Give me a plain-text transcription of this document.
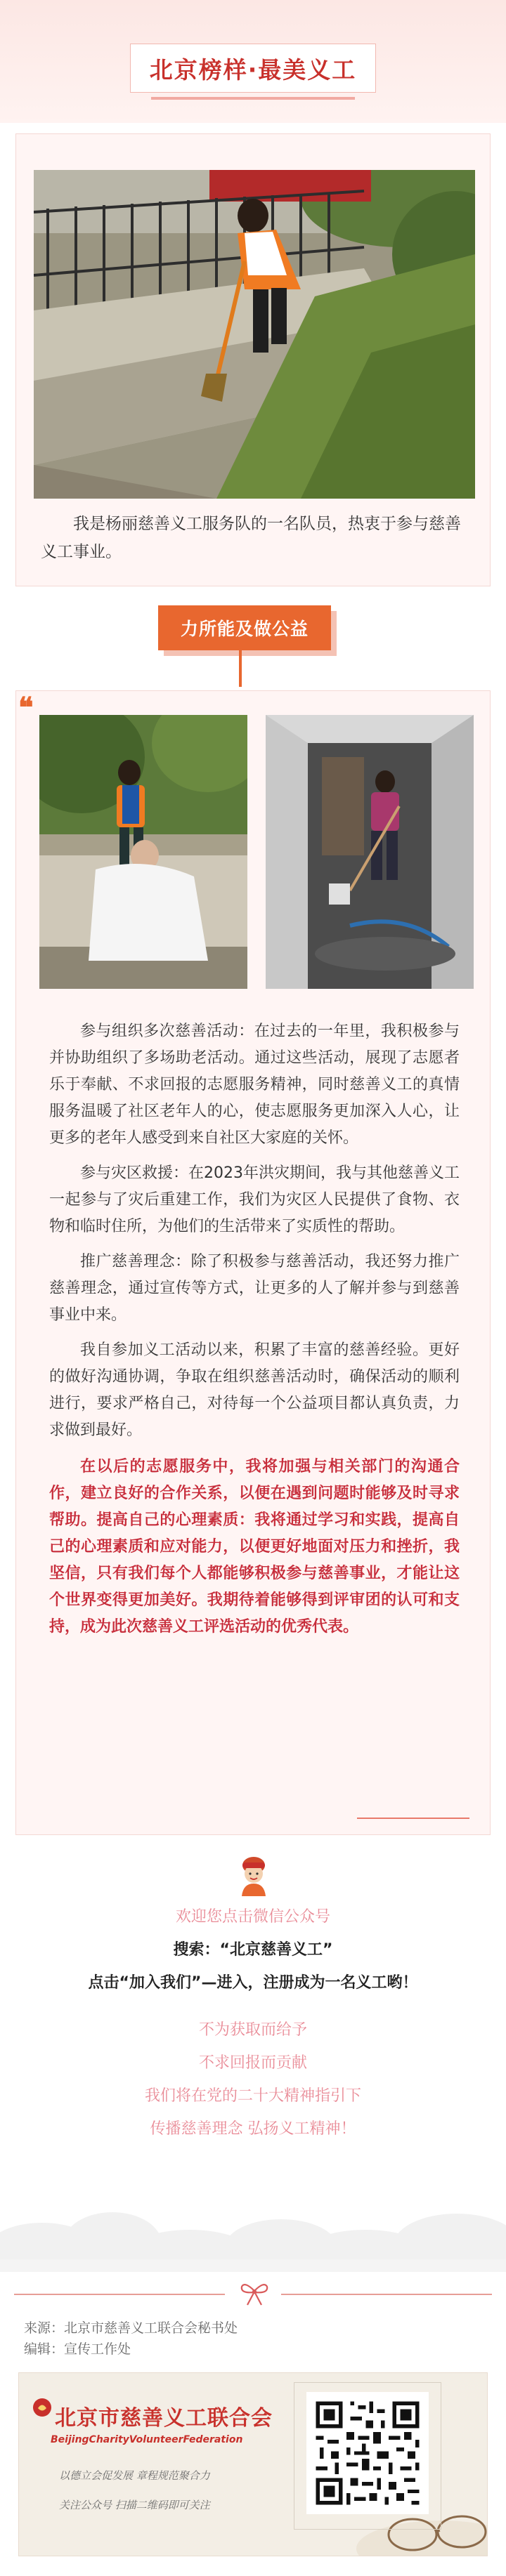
北京榜样·最美义工
我是杨丽慈善义工服务队的一名队员，热衷于参与慈善义工事业。
力所能及做公益
❝

参与组织多次慈善活动：在过去的一年里，我积极参与并协助组织了多场助老活动。通过这些活动，展现了志愿者乐于奉献、不求回报的志愿服务精神，同时慈善义工的真情服务温暖了社区老年人的心，使志愿服务更加深入人心，让更多的老年人感受到来自社区大家庭的关怀。

参与灾区救援：在2023年洪灾期间，我与其他慈善义工一起参与了灾后重建工作，我们为灾区人民提供了食物、衣物和临时住所，为他们的生活带来了实质性的帮助。

推广慈善理念：除了积极参与慈善活动，我还努力推广慈善理念，通过宣传等方式，让更多的人了解并参与到慈善事业中来。

我自参加义工活动以来，积累了丰富的慈善经验。更好的做好沟通协调，争取在组织慈善活动时，确保活动的顺利进行，要求严格自己，对待每一个公益项目都认真负责，力求做到最好。

在以后的志愿服务中，我将加强与相关部门的沟通合作，建立良好的合作关系，以便在遇到问题时能够及时寻求帮助。提高自己的心理素质：我将通过学习和实践，提高自己的心理素质和应对能力，以便更好地面对压力和挫折，我坚信，只有我们每个人都能够积极参与慈善事业，才能让这个世界变得更加美好。我期待着能够得到评审团的认可和支持，成为此次慈善义工评选活动的优秀代表。

欢迎您点击微信公众号
搜索：“北京慈善义工”
点击“加入我们”—进入，注册成为一名义工哟！
不为获取而给予
不求回报而贡献
我们将在党的二十大精神指引下
传播慈善理念 弘扬义工精神！
来源：北京市慈善义工联合会秘书处
编辑：宣传工作处
北京市慈善义工联合会
BeijingCharityVolunteerFederation
以德立会促发展 章程规范聚合力
关注公众号 扫描二维码即可关注
